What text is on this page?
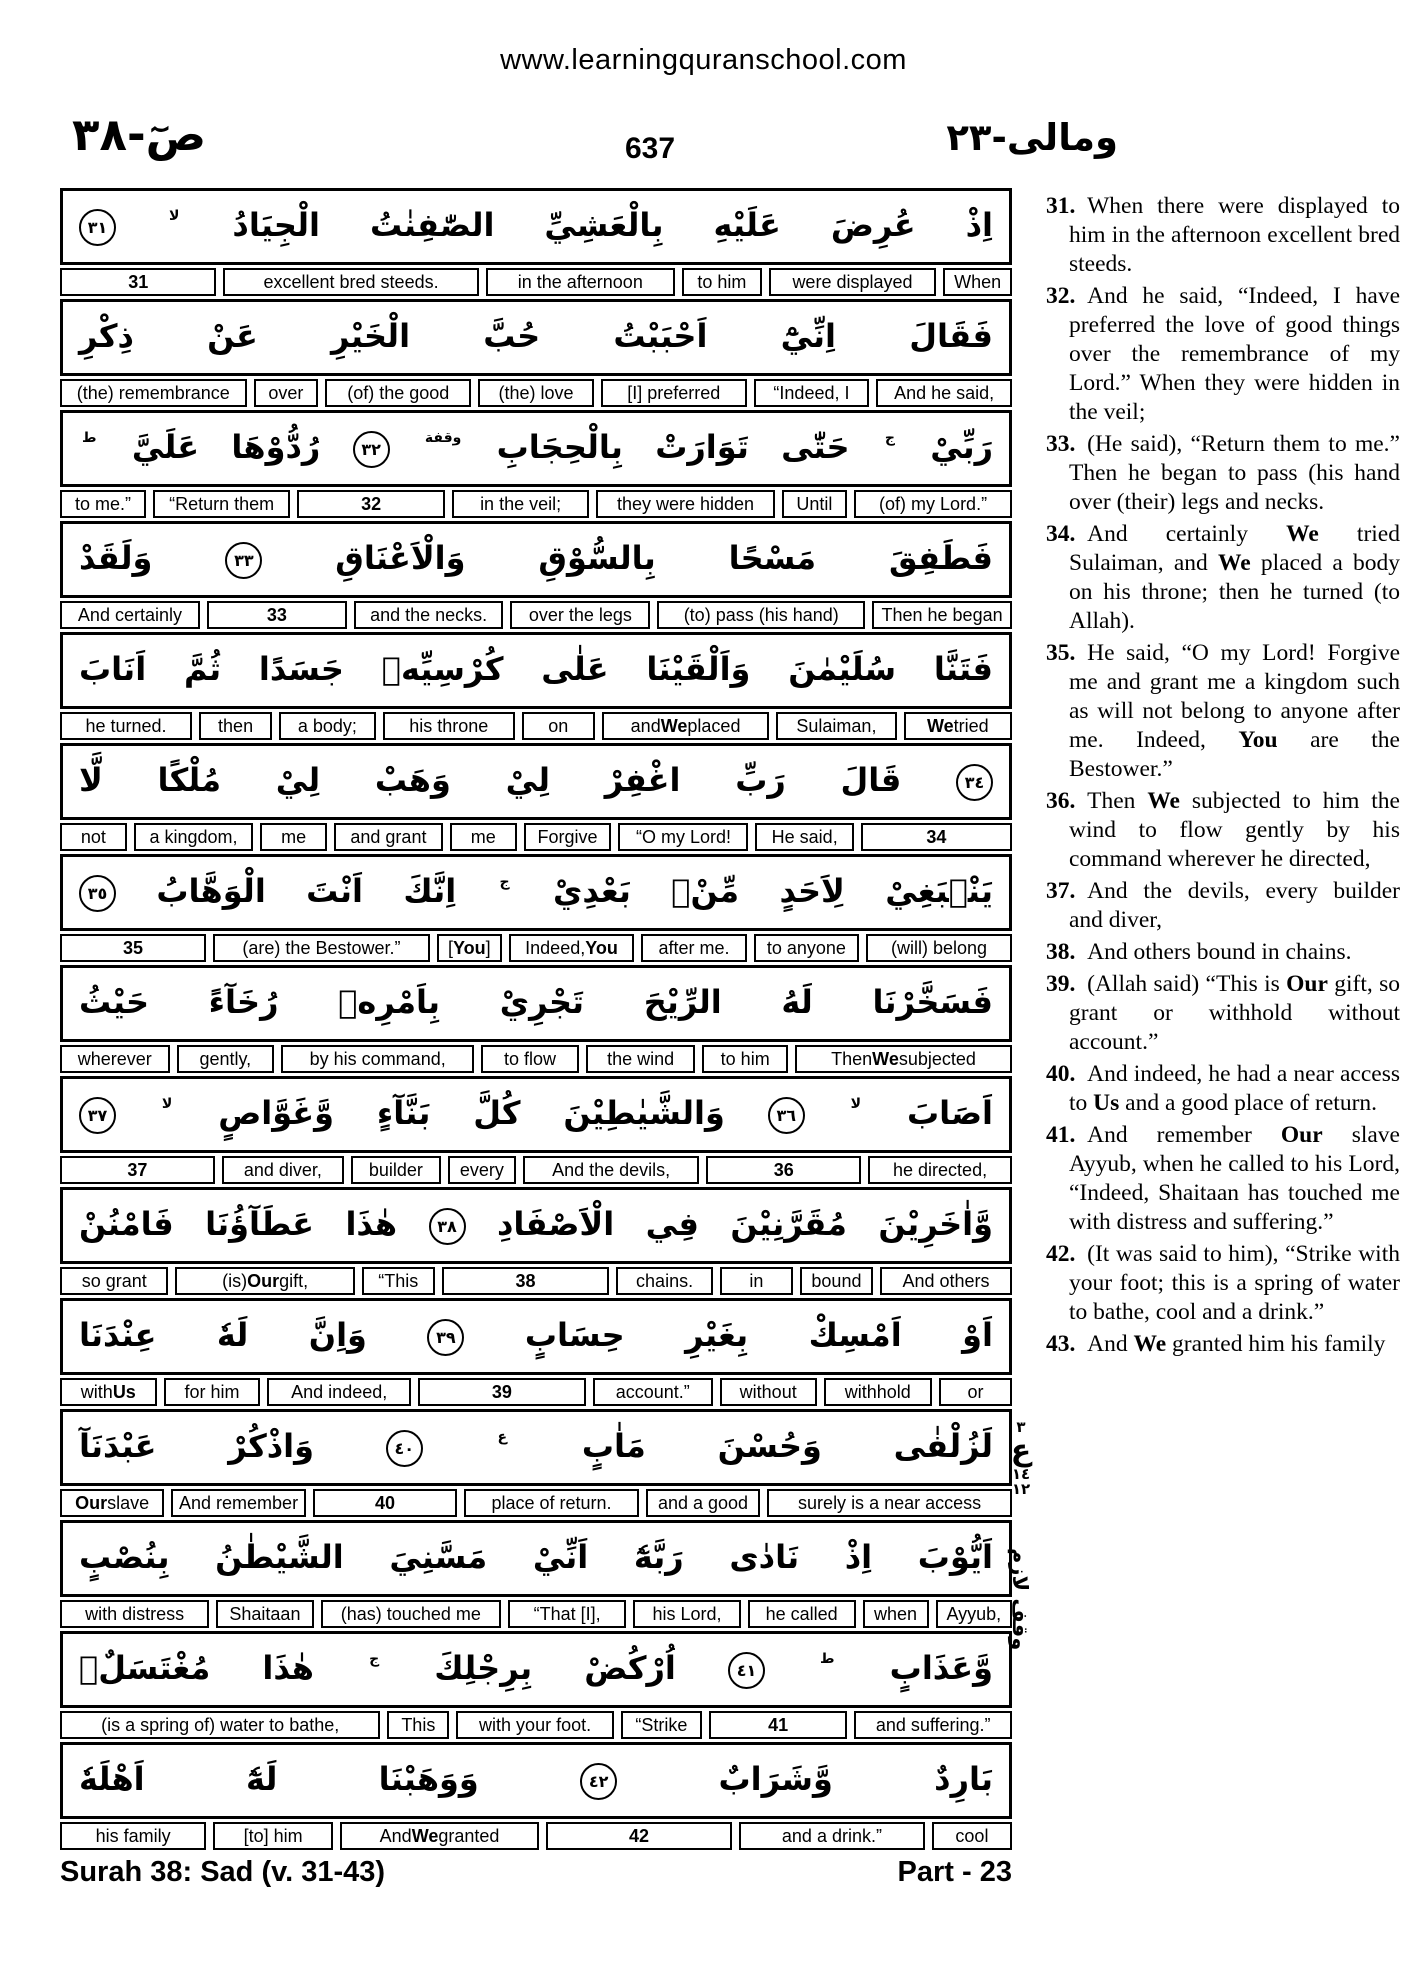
www.learningquranschool.com
صٓ-٣٨	637	ومالى-٢٣
اِذْ عُرِضَ عَلَيْهِ بِالْعَشِيِّ الصّٰفِنٰتُ الْجِيَادُ $^{لا}$ ٣١
31	excellent bred steeds.	in the afternoon	to him	were displayed	When
فَقَالَ اِنِّيْٓ اَحْبَبْتُ حُبَّ الْخَيْرِ عَنْ ذِكْرِ
(the) remembrance	over	(of) the good	(the) love	[I] preferred	“Indeed, I	And he said,
رَبِّيْ $^ج$ حَتّٰى تَوَارَتْ بِالْحِجَابِ $^{وقفة}$ ٣٢ رُدُّوْهَا عَلَيَّ $^ط$
to me.”	“Return them	32	in the veil;	they were hidden	Until	(of) my Lord.”
فَطَفِقَ مَسْحًا بِالسُّوْقِ وَالْاَعْنَاقِ ٣٣ وَلَقَدْ
And certainly	33	and the necks.	over the legs	(to) pass (his hand)	Then he began
فَتَنَّا سُلَيْمٰنَ وَاَلْقَيْنَا عَلٰى كُرْسِيِّهٖ جَسَدًا ثُمَّ اَنَابَ
he turned.	then	a body;	his throne	on	and We placed	Sulaiman,	We tried
٣٤ قَالَ رَبِّ اغْفِرْ لِيْ وَهَبْ لِيْ مُلْكًا لَّا
not	a kingdom,	me	and grant	me	Forgive	“O my Lord!	He said,	34
يَنْۢبَغِيْ لِاَحَدٍ مِّنْۢ بَعْدِيْ $^ج$ اِنَّكَ اَنْتَ الْوَهَّابُ ٣٥
35	(are) the Bestower.”	[ You ]	Indeed, You	after me.	to anyone	(will) belong
فَسَخَّرْنَا لَهُ الرِّيْحَ تَجْرِيْ بِاَمْرِهٖ رُخَآءً حَيْثُ
wherever	gently,	by his command,	to flow	the wind	to him	Then We subjected
اَصَابَ $^{لا}$ ٣٦ وَالشَّيٰطِيْنَ كُلَّ بَنَّآءٍ وَّغَوَّاصٍ $^{لا}$ ٣٧
37	and diver,	builder	every	And the devils,	36	he directed,
وَّاٰخَرِيْنَ مُقَرَّنِيْنَ فِي الْاَصْفَادِ ٣٨ هٰذَا عَطَآؤُنَا فَامْنُنْ
so grant	(is) Our gift,	“This	38	chains.	in	bound	And others
اَوْ اَمْسِكْ بِغَيْرِ حِسَابٍ ٣٩ وَاِنَّ لَهٗ عِنْدَنَا
with Us	for him	And indeed,	39	account.”	without	withhold	or
لَزُلْفٰى وَحُسْنَ مَاٰبٍ $^ع$ ٤٠ وَاذْكُرْ عَبْدَنَآ
Our slave	And remember	40	place of return.	and a good	surely is a near access
اَيُّوْبَ اِذْ نَادٰى رَبَّهٗٓ اَنِّيْ مَسَّنِيَ الشَّيْطٰنُ بِنُصْبٍ
with distress	Shaitaan	(has) touched me	“That [I],	his Lord,	he called	when	Ayyub,
وَّعَذَابٍ $^ط$ ٤١ اُرْكُضْ بِرِجْلِكَ $^ج$ هٰذَا مُغْتَسَلٌۢ
(is a spring of) water to bathe,	This	with your foot.	“Strike	41	and suffering.”
بَارِدٌ وَّشَرَابٌ ٤٢ وَوَهَبْنَا لَهٗٓ اَهْلَهٗ
his family	[to] him	And We granted	42	and a drink.”	cool
٣
ع
١٤
١٢
وقف لازم

31.  When there were displayed to him in the afternoon excellent bred steeds.

32.  And he said, “Indeed, I have preferred the love of good things over the remembrance of my Lord.” When they were hidden in the veil;

33.  (He said), “Return them to me.” Then he began to pass (his hand over (their) legs and necks.

34.  And certainly We tried Sulaiman, and We placed a body on his throne; then he turned (to Allah).

35.  He said, “O my Lord! Forgive me and grant me a kingdom such as will not belong to anyone after me. Indeed, You are the Bestower.”

36.  Then We subjected to him the wind to flow gently by his command wherever he directed,

37.  And the devils, every builder and diver,

38.  And others bound in chains.

39.  (Allah said) “This is Our gift, so grant or withhold without account.”

40.  And indeed, he had a near access to Us and a good place of return.

41.  And remember Our slave Ayyub, when he called to his Lord, “Indeed, Shaitaan has touched me with distress and suffering.”

42.  (It was said to him), “Strike with your foot; this is a spring of water to bathe, cool and a drink.”

43.  And We granted him his family

Surah 38: Sad (v. 31-43)	Part - 23
